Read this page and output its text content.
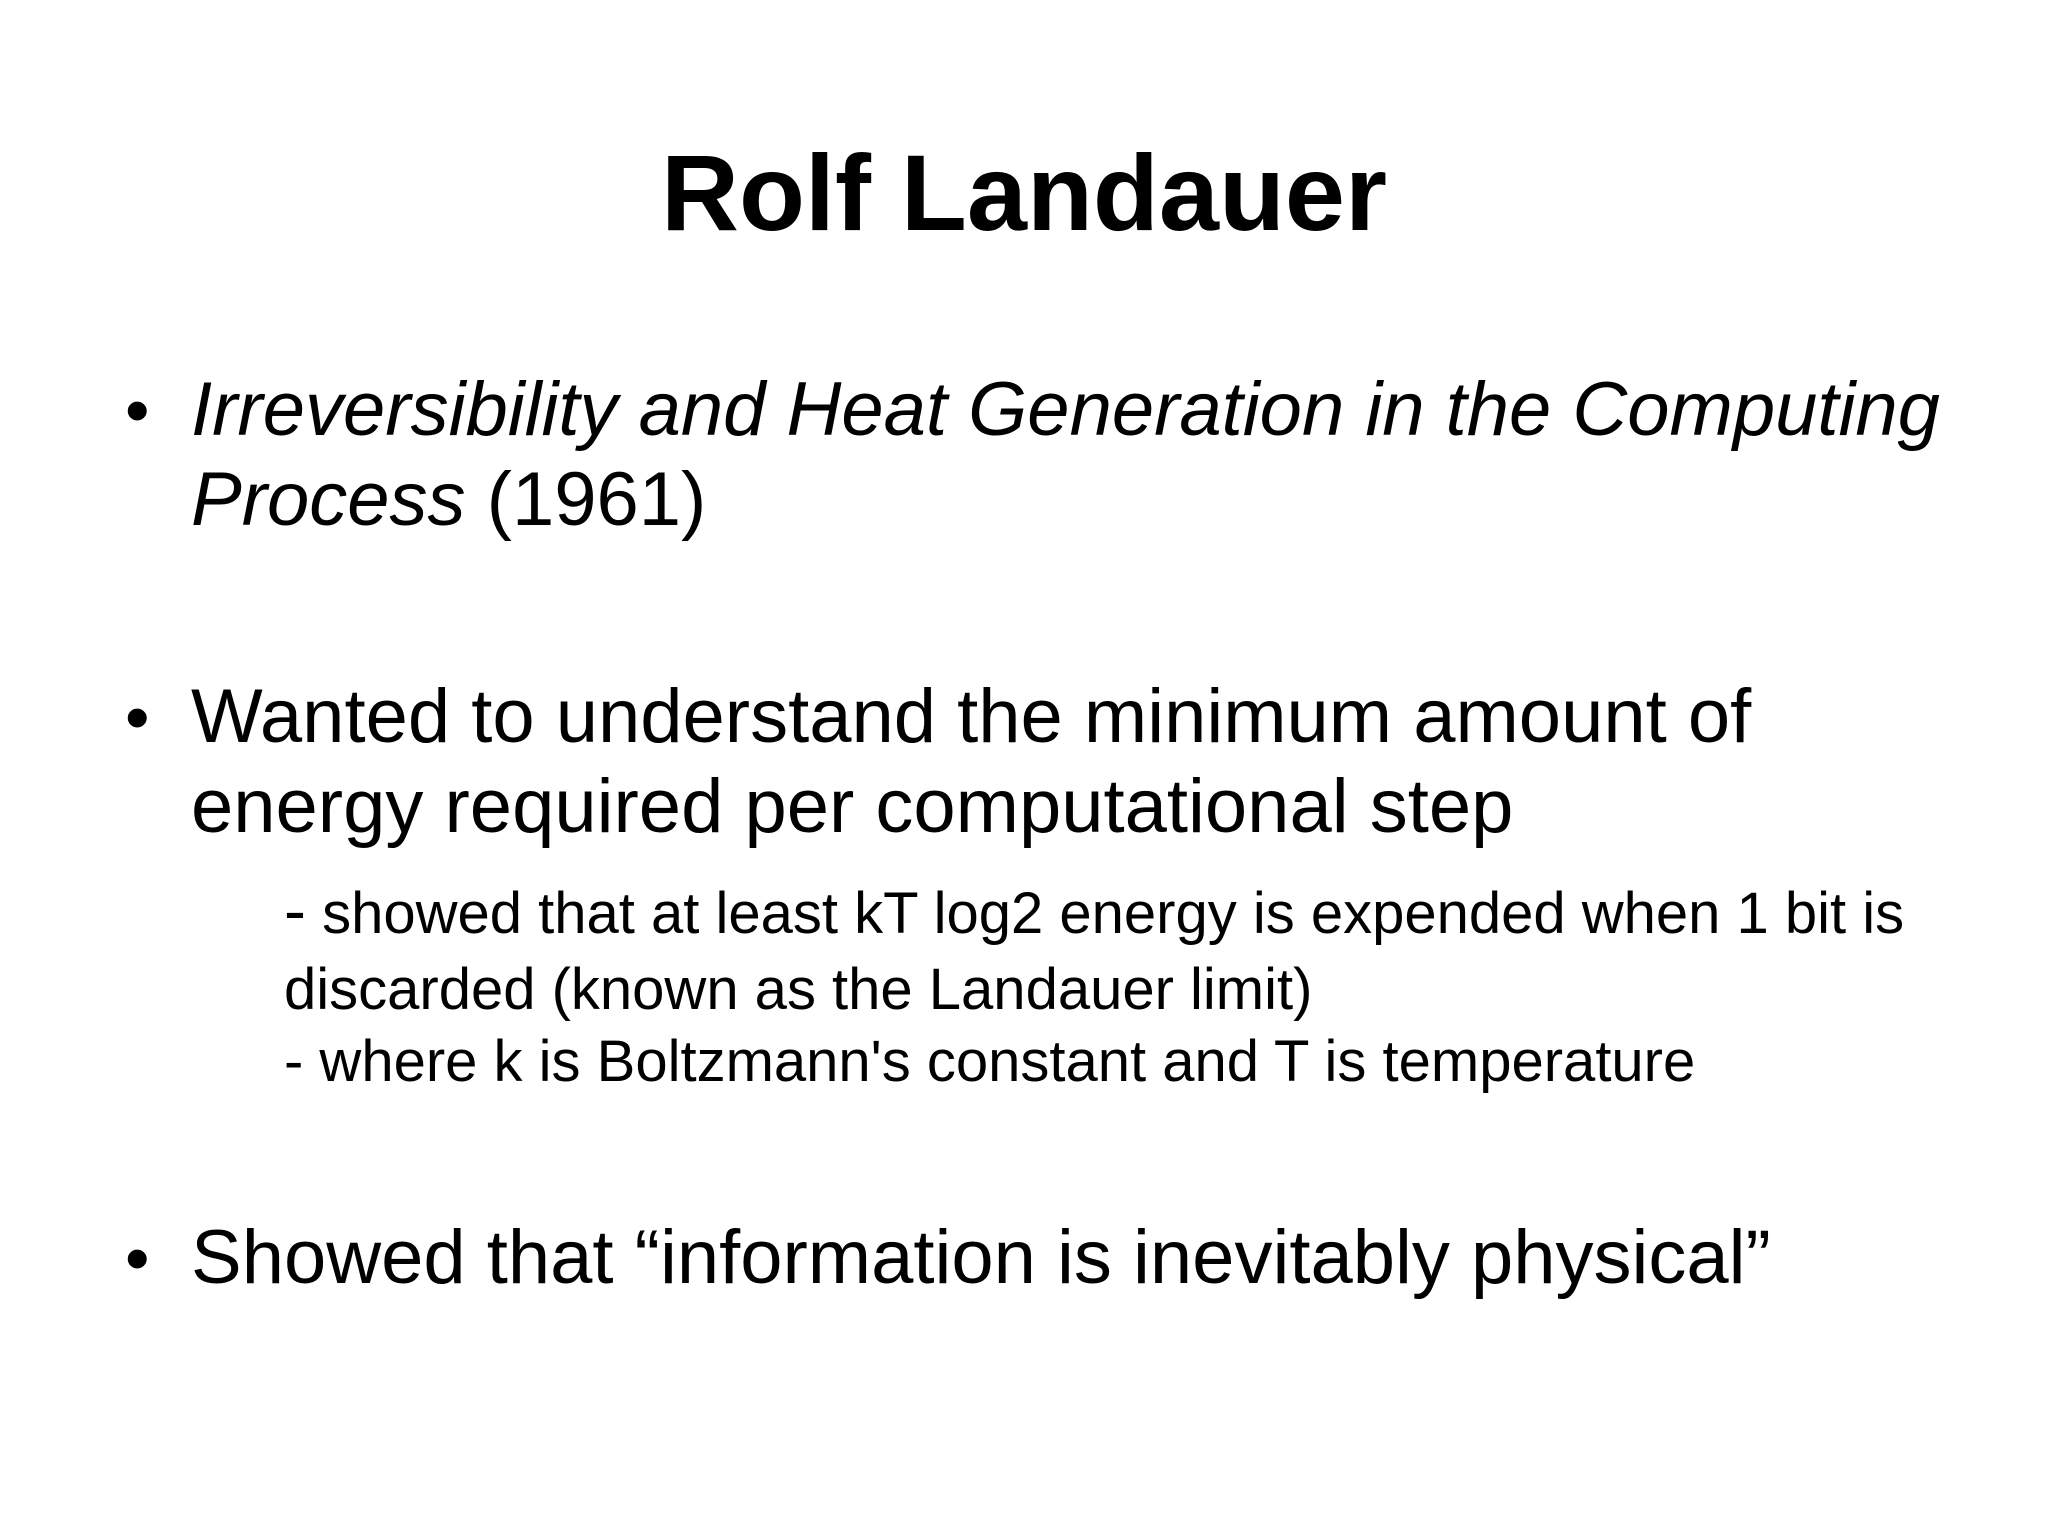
Rolf Landauer
• Irreversibility and Heat Generation in the Computing Process (1961)
• Wanted to understand the minimum amount of energy required per computational step
- showed that at least kT log2 energy is expended when 1 bit is discarded (known as the Landauer limit)
- where k is Boltzmann's constant and T is temperature
• Showed that “information is inevitably physical”
